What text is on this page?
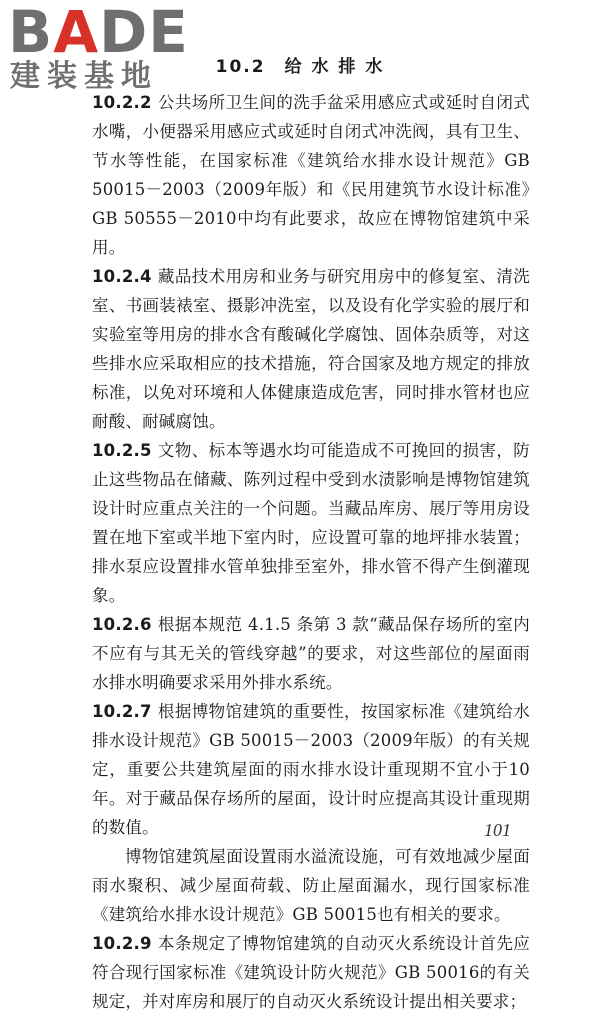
BADE
建装基地	10.2　给 水 排 水

10.2.2 公共场所卫生间的洗手盆采用感应式或延时自闭式水嘴，小便器采用感应式或延时自闭式冲洗阀，具有卫生、节水等性能，在国家标准《建筑给水排水设计规范》GB 50015－2003（2009年版）和《民用建筑节水设计标准》GB 50555－2010中均有此要求，故应在博物馆建筑中采用。

10.2.4 藏品技术用房和业务与研究用房中的修复室、清洗室、书画装裱室、摄影冲洗室，以及设有化学实验的展厅和实验室等用房的排水含有酸碱化学腐蚀、固体杂质等，对这些排水应采取相应的技术措施，符合国家及地方规定的排放标准，以免对环境和人体健康造成危害，同时排水管材也应耐酸、耐碱腐蚀。

10.2.5 文物、标本等遇水均可能造成不可挽回的损害，防止这些物品在储藏、陈列过程中受到水渍影响是博物馆建筑设计时应重点关注的一个问题。当藏品库房、展厅等用房设置在地下室或半地下室内时，应设置可靠的地坪排水装置；排水泵应设置排水管单独排至室外，排水管不得产生倒灌现象。

10.2.6 根据本规范 4.1.5 条第 3 款“藏品保存场所的室内不应有与其无关的管线穿越”的要求，对这些部位的屋面雨水排水明确要求采用外排水系统。

10.2.7 根据博物馆建筑的重要性，按国家标准《建筑给水排水设计规范》GB 50015－2003（2009年版）的有关规定，重要公共建筑屋面的雨水排水设计重现期不宜小于10年。对于藏品保存场所的屋面，设计时应提高其设计重现期的数值。

博物馆建筑屋面设置雨水溢流设施，可有效地减少屋面雨水聚积、减少屋面荷载、防止屋面漏水，现行国家标准《建筑给水排水设计规范》GB 50015也有相关的要求。

10.2.9 本条规定了博物馆建筑的自动灭火系统设计首先应符合现行国家标准《建筑设计防火规范》GB 50016的有关规定，并对库房和展厅的自动灭火系统设计提出相关要求；

101
